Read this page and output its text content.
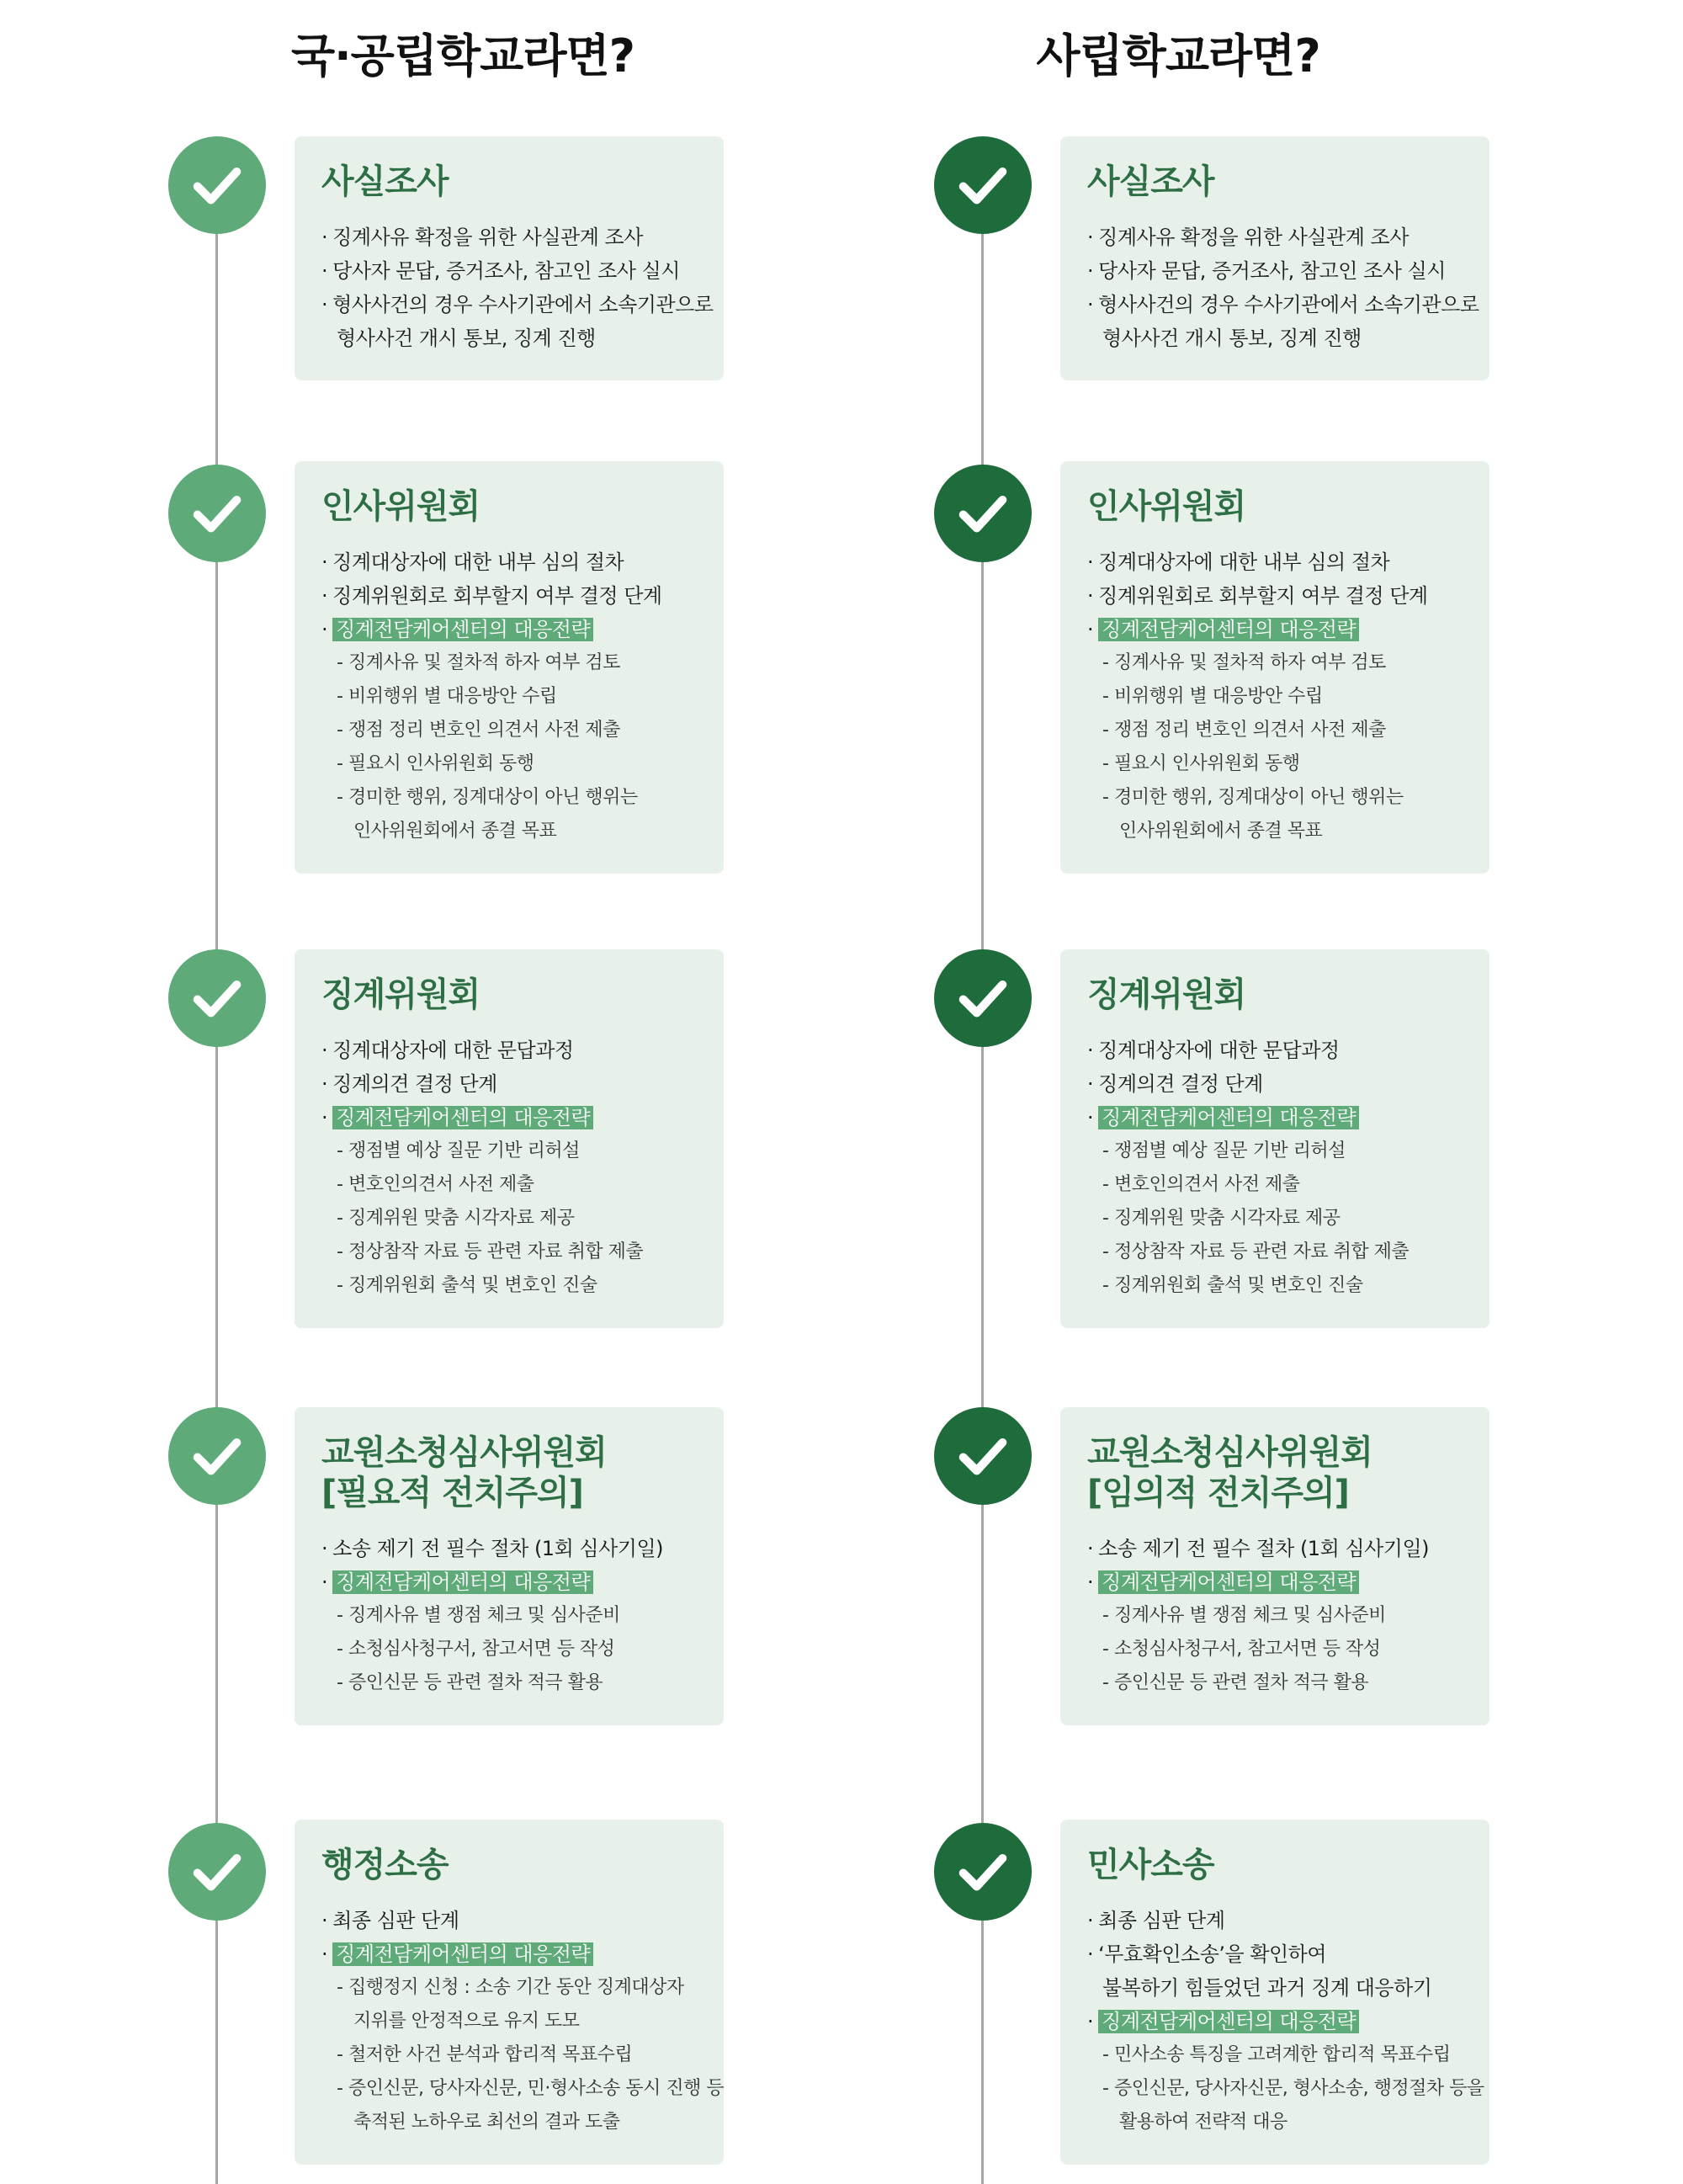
국·공립학교라면?
사실조사
· 징계사유 확정을 위한 사실관계 조사
· 당사자 문답, 증거조사, 참고인 조사 실시
· 형사사건의 경우 수사기관에서 소속기관으로
형사사건 개시 통보, 징계 진행
인사위원회
· 징계대상자에 대한 내부 심의 절차
· 징계위원회로 회부할지 여부 결정 단계
· 징계전담케어센터의 대응전략
- 징계사유 및 절차적 하자 여부 검토
- 비위행위 별 대응방안 수립
- 쟁점 정리 변호인 의견서 사전 제출
- 필요시 인사위원회 동행
- 경미한 행위, 징계대상이 아닌 행위는
인사위원회에서 종결 목표
징계위원회
· 징계대상자에 대한 문답과정
· 징계의견 결정 단계
· 징계전담케어센터의 대응전략
- 쟁점별 예상 질문 기반 리허설
- 변호인의견서 사전 제출
- 징계위원 맞춤 시각자료 제공
- 정상참작 자료 등 관련 자료 취합 제출
- 징계위원회 출석 및 변호인 진술
교원소청심사위원회
[필요적 전치주의]
· 소송 제기 전 필수 절차 (1회 심사기일)
· 징계전담케어센터의 대응전략
- 징계사유 별 쟁점 체크 및 심사준비
- 소청심사청구서, 참고서면 등 작성
- 증인신문 등 관련 절차 적극 활용
행정소송
· 최종 심판 단계
· 징계전담케어센터의 대응전략
- 집행정지 신청 : 소송 기간 동안 징계대상자
지위를 안정적으로 유지 도모
- 철저한 사건 분석과 합리적 목표수립
- 증인신문, 당사자신문, 민·형사소송 동시 진행 등
축적된 노하우로 최선의 결과 도출
사립학교라면?
사실조사
· 징계사유 확정을 위한 사실관계 조사
· 당사자 문답, 증거조사, 참고인 조사 실시
· 형사사건의 경우 수사기관에서 소속기관으로
형사사건 개시 통보, 징계 진행
인사위원회
· 징계대상자에 대한 내부 심의 절차
· 징계위원회로 회부할지 여부 결정 단계
· 징계전담케어센터의 대응전략
- 징계사유 및 절차적 하자 여부 검토
- 비위행위 별 대응방안 수립
- 쟁점 정리 변호인 의견서 사전 제출
- 필요시 인사위원회 동행
- 경미한 행위, 징계대상이 아닌 행위는
인사위원회에서 종결 목표
징계위원회
· 징계대상자에 대한 문답과정
· 징계의견 결정 단계
· 징계전담케어센터의 대응전략
- 쟁점별 예상 질문 기반 리허설
- 변호인의견서 사전 제출
- 징계위원 맞춤 시각자료 제공
- 정상참작 자료 등 관련 자료 취합 제출
- 징계위원회 출석 및 변호인 진술
교원소청심사위원회
[임의적 전치주의]
· 소송 제기 전 필수 절차 (1회 심사기일)
· 징계전담케어센터의 대응전략
- 징계사유 별 쟁점 체크 및 심사준비
- 소청심사청구서, 참고서면 등 작성
- 증인신문 등 관련 절차 적극 활용
민사소송
· 최종 심판 단계
· ‘무효확인소송’을 확인하여
불복하기 힘들었던 과거 징계 대응하기
· 징계전담케어센터의 대응전략
- 민사소송 특징을 고려계한 합리적 목표수립
- 증인신문, 당사자신문, 형사소송, 행정절차 등을
활용하여 전략적 대응
